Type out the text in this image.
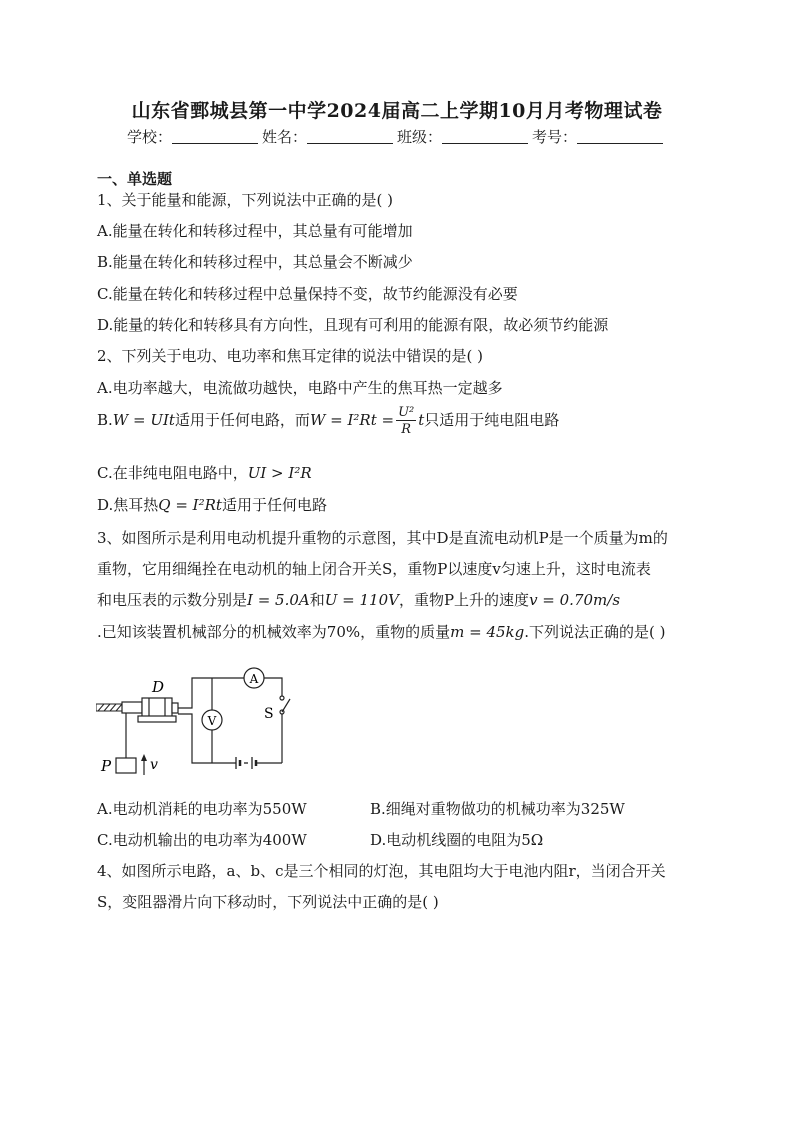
山东省鄄城县第一中学2024届高二上学期10月月考物理试卷
学校：	姓名：	班级：	考号：
一、单选题
1、关于能量和能源，下列说法中正确的是( )
A.能量在转化和转移过程中，其总量有可能增加
B.能量在转化和转移过程中，其总量会不断减少
C.能量在转化和转移过程中总量保持不变，故节约能源没有必要
D.能量的转化和转移具有方向性，且现有可利用的能源有限，故必须节约能源
2、下列关于电功、电功率和焦耳定律的说法中错误的是( )
A.电功率越大，电流做功越快，电路中产生的焦耳热一定越多
B.W = UIt适用于任何电路，而$W = I^2Rt = \frac{\text{U²}}{R}$ t只适用于纯电阻电路
C.在非纯电阻电路中，UI > I²R
D.焦耳热Q = I²Rt适用于任何电路
3、如图所示是利用电动机提升重物的示意图，其中D是直流电动机P是一个质量为m的
重物，它用细绳拴在电动机的轴上闭合开关S，重物P以速度v匀速上升，这时电流表
和电压表的示数分别是I = 5.0A和U = 110V，重物P上升的速度v = 0.70m/s
.已知该装置机械部分的机械效率为70%，重物的质量m = 45kg.下列说法正确的是( )
D
P	v
V
A
S
A.电动机消耗的电功率为550W	B.细绳对重物做功的机械功率为325W
C.电动机输出的电功率为400W	D.电动机线圈的电阻为5Ω
4、如图所示电路，a、b、c是三个相同的灯泡，其电阻均大于电池内阻r，当闭合开关
S，变阻器滑片向下移动时，下列说法中正确的是( )
